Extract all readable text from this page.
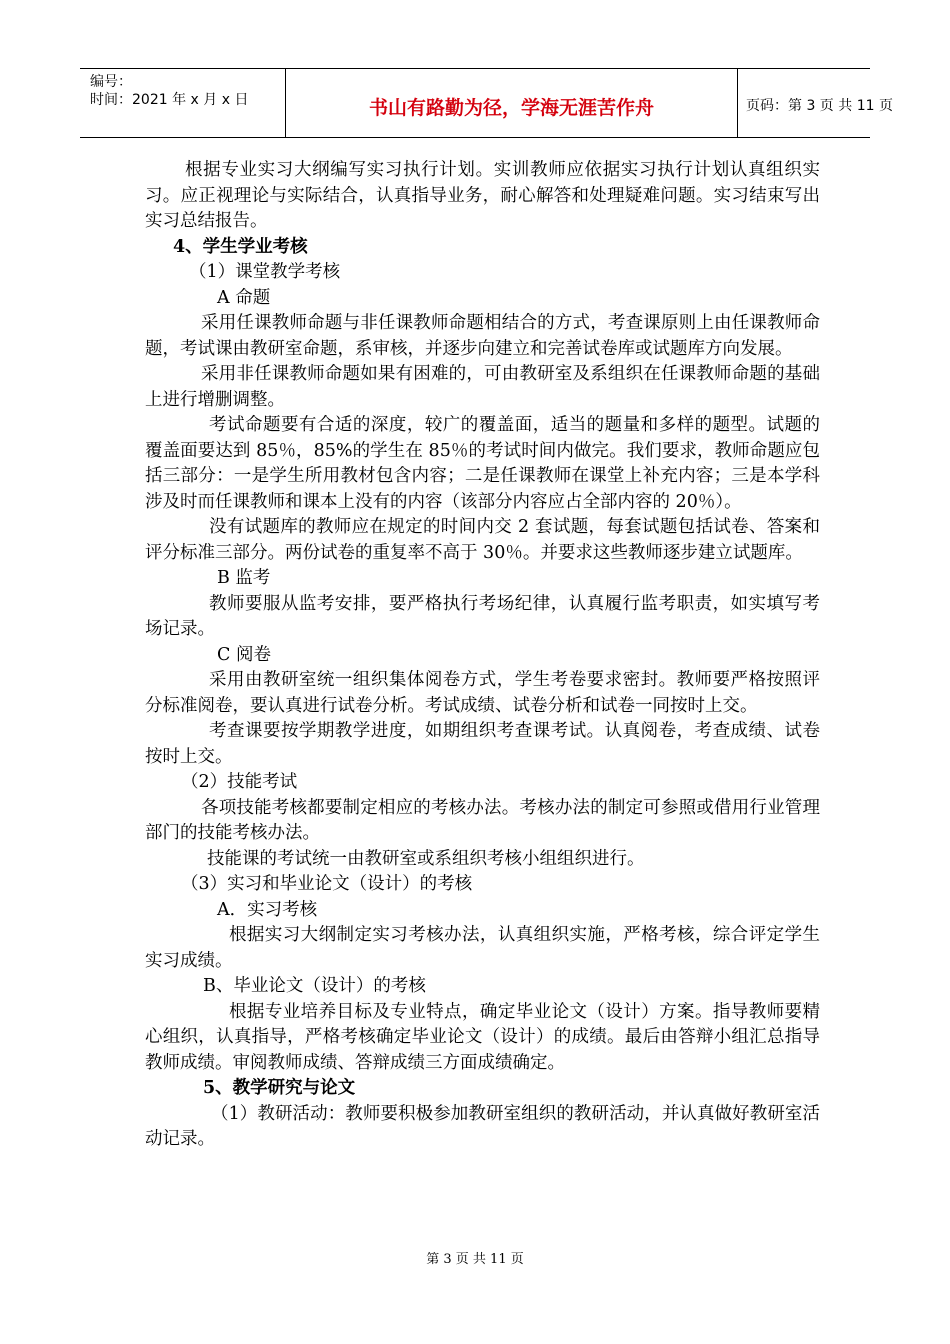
编号：
时间：2021 年 x 月 x 日	书山有路勤为径，学海无涯苦作舟	页码：第 3 页 共 11 页

根据专业实习大纲编写实习执行计划。实训教师应依据实习执行计划认真组织实习。应正视理论与实际结合，认真指导业务，耐心解答和处理疑难问题。实习结束写出实习总结报告。

4、学生学业考核

（1）课堂教学考核

A 命题

采用任课教师命题与非任课教师命题相结合的方式，考查课原则上由任课教师命题，考试课由教研室命题，系审核，并逐步向建立和完善试卷库或试题库方向发展。

采用非任课教师命题如果有困难的，可由教研室及系组织在任课教师命题的基础上进行增删调整。

考试命题要有合适的深度，较广的覆盖面，适当的题量和多样的题型。试题的覆盖面要达到 85％，85%的学生在 85％的考试时间内做完。我们要求，教师命题应包括三部分：一是学生所用教材包含内容；二是任课教师在课堂上补充内容；三是本学科涉及时而任课教师和课本上没有的内容（该部分内容应占全部内容的 20％）。

没有试题库的教师应在规定的时间内交 2 套试题，每套试题包括试卷、答案和评分标准三部分。两份试卷的重复率不高于 30％。并要求这些教师逐步建立试题库。

B 监考

教师要服从监考安排，要严格执行考场纪律，认真履行监考职责，如实填写考场记录。

C 阅卷

采用由教研室统一组织集体阅卷方式，学生考卷要求密封。教师要严格按照评分标准阅卷，要认真进行试卷分析。考试成绩、试卷分析和试卷一同按时上交。

考查课要按学期教学进度，如期组织考查课考试。认真阅卷，考查成绩、试卷按时上交。

（2）技能考试

各项技能考核都要制定相应的考核办法。考核办法的制定可参照或借用行业管理部门的技能考核办法。

技能课的考试统一由教研室或系组织考核小组组织进行。

（3）实习和毕业论文（设计）的考核

A．实习考核

根据实习大纲制定实习考核办法，认真组织实施，严格考核，综合评定学生实习成绩。

B、毕业论文（设计）的考核

根据专业培养目标及专业特点，确定毕业论文（设计）方案。指导教师要精心组织，认真指导，严格考核确定毕业论文（设计）的成绩。最后由答辩小组汇总指导教师成绩。审阅教师成绩、答辩成绩三方面成绩确定。

5、教学研究与论文

（1）教研活动：教师要积极参加教研室组织的教研活动，并认真做好教研室活动记录。

第 3 页 共 11 页
